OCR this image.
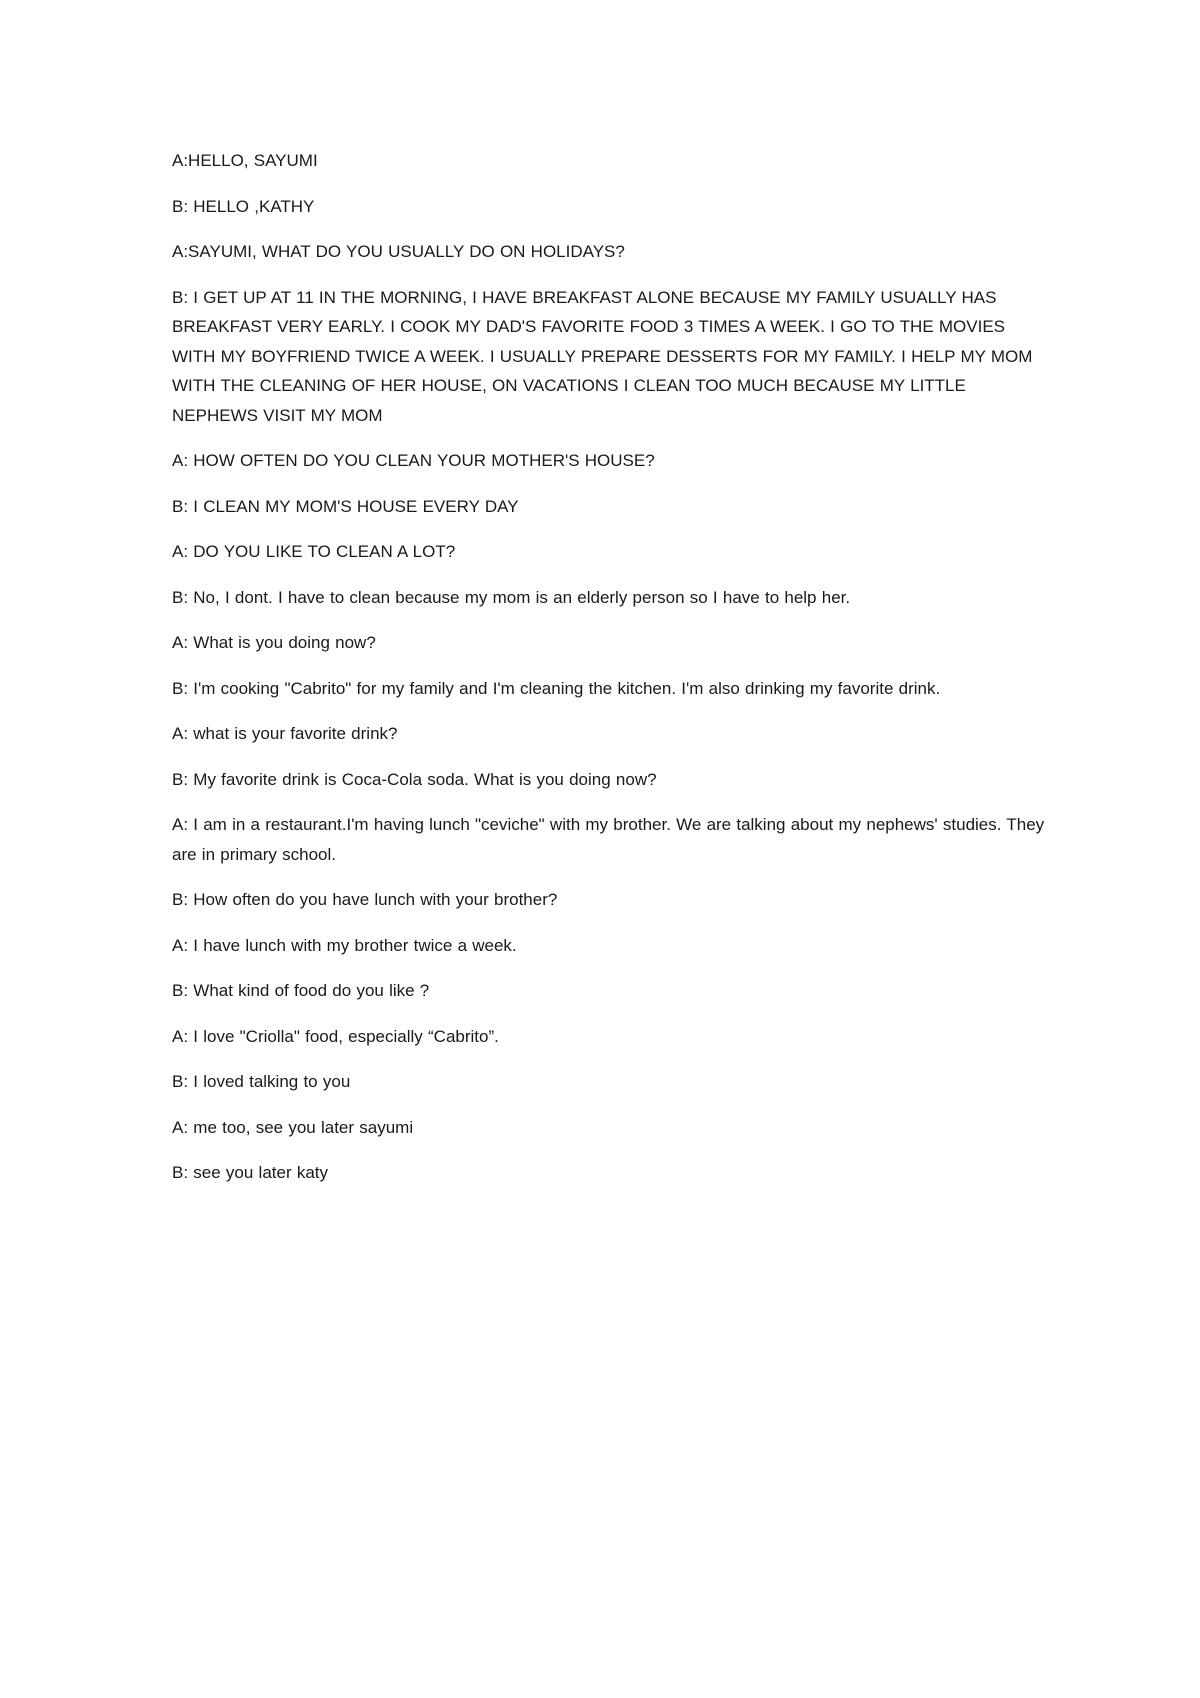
A:HELLO, SAYUMI

B: HELLO ,KATHY

A:SAYUMI, WHAT DO YOU USUALLY DO ON HOLIDAYS?

B: I GET UP AT 11 IN THE MORNING, I HAVE BREAKFAST ALONE BECAUSE MY FAMILY USUALLY HAS BREAKFAST VERY EARLY. I COOK MY DAD'S FAVORITE FOOD 3 TIMES A WEEK. I GO TO THE MOVIES WITH MY BOYFRIEND TWICE A WEEK. I USUALLY PREPARE DESSERTS FOR MY FAMILY. I HELP MY MOM WITH THE CLEANING OF HER HOUSE, ON VACATIONS I CLEAN TOO MUCH BECAUSE MY LITTLE NEPHEWS VISIT MY MOM

A: HOW OFTEN DO YOU CLEAN YOUR MOTHER'S HOUSE?

B: I CLEAN MY MOM'S HOUSE EVERY DAY

A: DO YOU LIKE TO CLEAN A LOT?

B: No, I dont. I have to clean because my mom is an elderly person so I have to help her.

A: What is you doing now?

B: I'm cooking "Cabrito" for my family and I'm cleaning the kitchen. I'm also drinking my favorite drink.

A: what is your favorite drink?

B: My favorite drink is Coca-Cola soda. What is you doing now?

A: I am in a restaurant.I'm having lunch "ceviche" with my brother. We are talking about my nephews' studies. They are in primary school.

B: How often do you have lunch with your brother?

A: I have lunch with my brother twice a week.

B: What kind of food do you like ?

A: I love "Criolla" food, especially “Cabrito”.

B: I loved talking to you

A: me too, see you later sayumi

B: see you later katy
